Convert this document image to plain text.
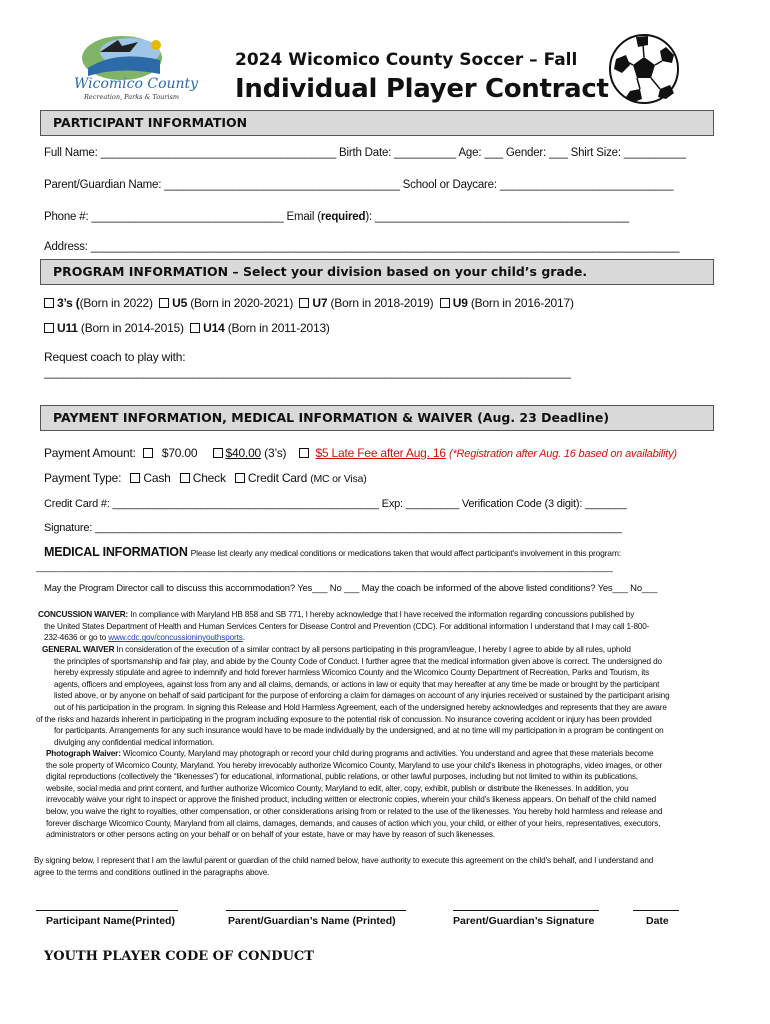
Wicomico County
Recreation, Parks & Tourism
2024 Wicomico County Soccer – Fall
Individual Player Contract
PARTICIPANT INFORMATION
Full Name: ______________________________________ Birth Date: __________ Age: ___ Gender: ___ Shirt Size: __________
Parent/Guardian Name: ______________________________________ School or Daycare: ____________________________
Phone #: _______________________________ Email (required): _________________________________________
Address: _______________________________________________________________________________________________
PROGRAM INFORMATION – Select your division based on your child’s grade.
3’s ((Born in 2022) U5 (Born in 2020-2021) U7 (Born in 2018-2019) U9 (Born in 2016-2017)
U11 (Born in 2014-2015) U14 (Born in 2011-2013)
Request coach to play with:
_____________________________________________________________________________________
PAYMENT INFORMATION, MEDICAL INFORMATION & WAIVER (Aug. 23 Deadline)
Payment Amount: $70.00 $40.00 (3’s) $5 Late Fee after Aug. 16 (*Registration after Aug. 16 based on availability)
Payment Type: Cash Check Credit Card (MC or Visa)
Credit Card #: _____________________________________________ Exp: _________ Verification Code (3 digit): _______
Signature: _________________________________________________________________________________________
MEDICAL INFORMATION Please list clearly any medical conditions or medications taken that would affect participant's involvement in this program:
________________________________________________________________________________________________________________________
May the Program Director call to discuss this accommodation? Yes___ No ___ May the coach be informed of the above listed conditions? Yes___ No___
CONCUSSION WAIVER: In compliance with Maryland HB 858 and SB 771, I hereby acknowledge that I have received the information regarding concussions published by
the United States Department of Health and Human Services Centers for Disease Control and Prevention (CDC). For additional information I understand that I may call 1-800-
232-4636 or go to www.cdc.gov/concussioninyouthsports.
GENERAL WAIVER In consideration of the execution of a similar contract by all persons participating in this program/league, I hereby I agree to abide by all rules, uphold
the principles of sportsmanship and fair play, and abide by the County Code of Conduct. I further agree that the medical information given above is correct. The undersigned do
hereby expressly stipulate and agree to indemnify and hold forever harmless Wicomico County and the Wicomico County Department of Recreation, Parks and Tourism, its
agents, officers and employees, against loss from any and all claims, demands, or actions in law or equity that may hereafter at any time be made or brought by the participant
listed above, or by anyone on behalf of said participant for the purpose of enforcing a claim for damages on account of any injuries received or sustained by the participant arising
out of his participation in the program. In signing this Release and Hold Harmless Agreement, each of the undersigned hereby acknowledges and represents that they are aware
of the risks and hazards inherent in participating in the program including exposure to the potential risk of concussion. No insurance covering accident or injury has been provided
for participants. Arrangements for any such insurance would have to be made individually by the undersigned, and at no time will my participation in a program be contingent on
divulging any confidential medical information.
Photograph Waiver: Wicomico County, Maryland may photograph or record your child during programs and activities. You understand and agree that these materials become
the sole property of Wicomico County, Maryland. You hereby irrevocably authorize Wicomico County, Maryland to use your child’s likeness in photographs, video images, or other
digital reproductions (collectively the “likenesses”) for educational, informational, public relations, or other lawful purposes, including but not limited to within its publications,
website, social media and print content, and further authorize Wicomico County, Maryland to edit, alter, copy, exhibit, publish or distribute the likenesses. In addition, you
irrevocably waive your right to inspect or approve the finished product, including written or electronic copies, wherein your child’s likeness appears. On behalf of the child named
below, you waive the right to royalties, other compensation, or other considerations arising from or related to the use of the likenesses. You hereby hold harmless and release and
forever discharge Wicomico County, Maryland from all claims, damages, demands, and causes of action which you, your child, or either of your heirs, representatives, executors,
administrators or other persons acting on your behalf or on behalf of your estate, have or may have by reason of such likenesses.
By signing below, I represent that I am the lawful parent or guardian of the child named below, have authority to execute this agreement on the child’s behalf, and I understand and
agree to the terms and conditions outlined in the paragraphs above.
Participant Name(Printed)	Parent/Guardian’s Name (Printed)	Parent/Guardian’s Signature	Date
YOUTH PLAYER CODE OF CONDUCT
